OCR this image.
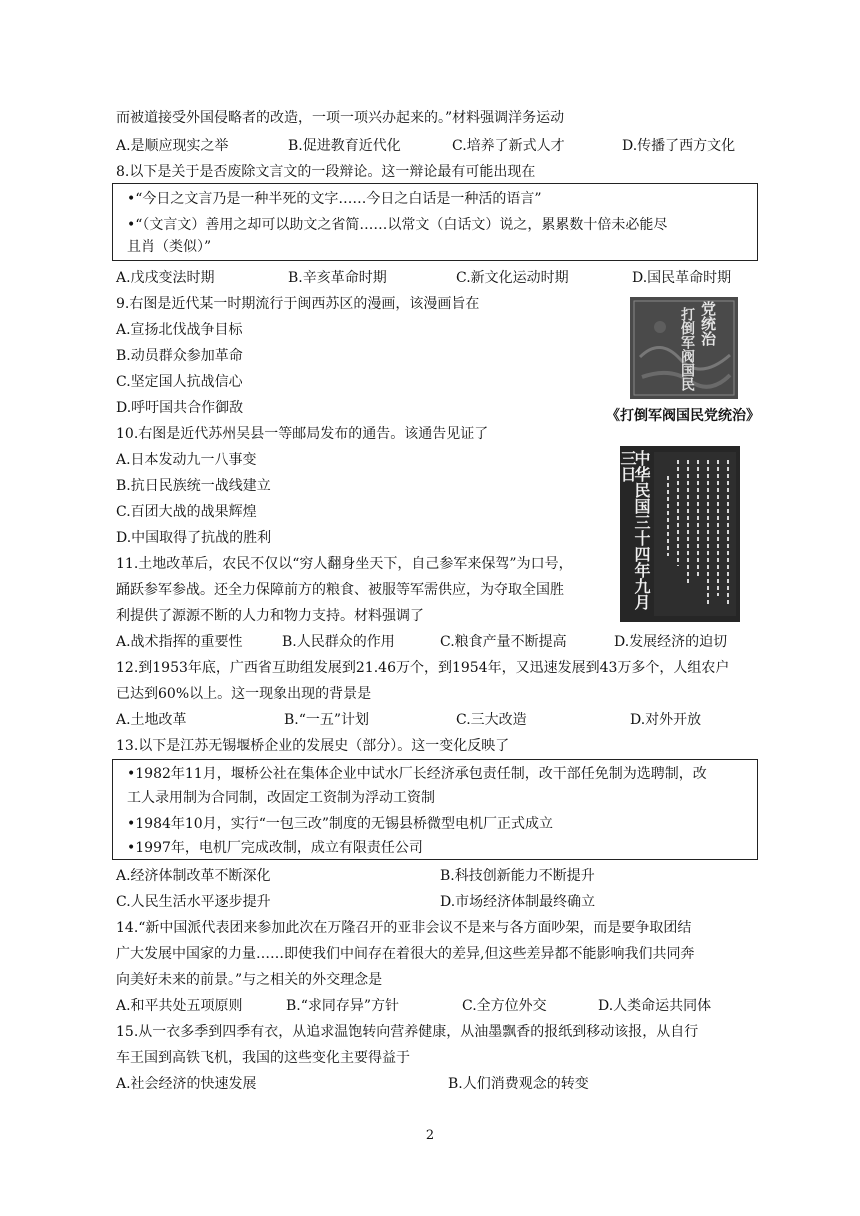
而被道接受外国侵略者的改造，一项一项兴办起来的。”材料强调洋务运动
A.是顺应现实之举	B.促进教育近代化	C.培养了新式人才	D.传播了西方文化
8.以下是关于是否废除文言文的一段辩论。这一辩论最有可能出现在
•“今日之文言乃是一种半死的文字……今日之白话是一种活的语言”
•“（文言文）善用之却可以助文之省简……以常文（白话文）说之，累累数十倍未必能尽
且肖（类似）”
A.戊戌变法时期	B.辛亥革命时期	C.新文化运动时期	D.国民革命时期
9.右图是近代某一时期流行于闽西苏区的漫画，该漫画旨在
A.宣扬北伐战争目标
B.动员群众参加革命
C.坚定国人抗战信心
D.呼吁国共合作御敌
党统治
打倒军阀国民
《打倒军阀国民党统治》
10.右图是近代苏州吴县一等邮局发布的通告。该通告见证了
A.日本发动九一八事变
B.抗日民族统一战线建立
C.百团大战的战果辉煌
D.中国取得了抗战的胜利	中华民国三十四年九月三日
11.土地改革后，农民不仅以“穷人翻身坐天下，自己参军来保驾”为口号，
踊跃参军参战。还全力保障前方的粮食、被服等军需供应，为夺取全国胜
利提供了源源不断的人力和物力支持。材料强调了
A.战术指挥的重要性	B.人民群众的作用	C.粮食产量不断提高	D.发展经济的迫切
12.到1953年底，广西省互助组发展到21.46万个，到1954年，又迅速发展到43万多个，人组农户
已达到60%以上。这一现象出现的背景是
A.土地改革	B.“一五”计划	C.三大改造	D.对外开放
13.以下是江苏无锡堰桥企业的发展史（部分）。这一变化反映了
•1982年11月，堰桥公社在集体企业中试水厂长经济承包责任制，改干部任免制为选聘制，改
工人录用制为合同制，改固定工资制为浮动工资制
•1984年10月，实行“一包三改”制度的无锡县桥微型电机厂正式成立
•1997年，电机厂完成改制，成立有限责任公司
A.经济体制改革不断深化	B.科技创新能力不断提升
C.人民生活水平逐步提升	D.市场经济体制最终确立
14.“新中国派代表团来参加此次在万隆召开的亚非会议不是来与各方面吵架，而是要争取团结
广大发展中国家的力量……即使我们中间存在着很大的差异,但这些差异都不能影响我们共同奔
向美好未来的前景。”与之相关的外交理念是
A.和平共处五项原则	B.“求同存异”方针	C.全方位外交	D.人类命运共同体
15.从一衣多季到四季有衣，从追求温饱转向营养健康，从油墨飘香的报纸到移动该报，从自行
车王国到高铁飞机，我国的这些变化主要得益于
A.社会经济的快速发展	B.人们消费观念的转变
2
